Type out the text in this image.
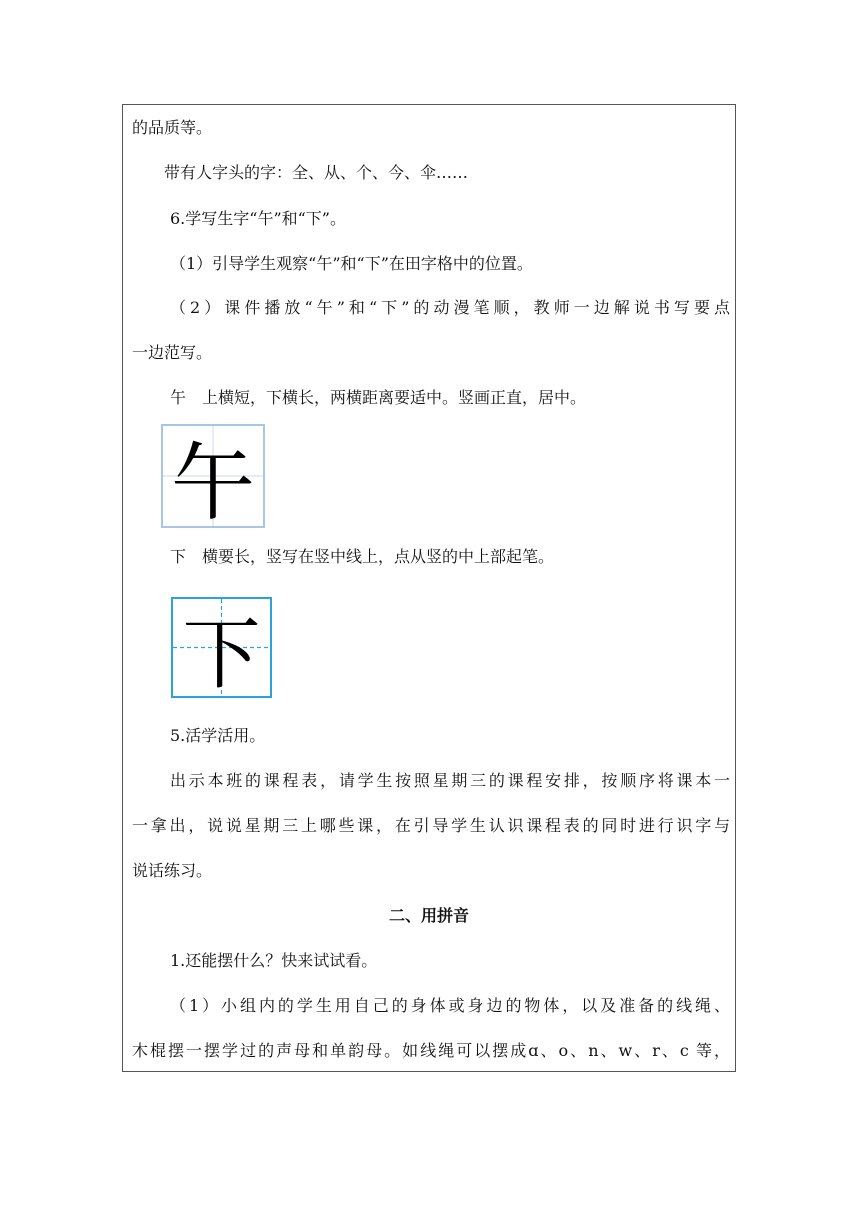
的品质等。
带有人字头的字：全、从、个、今、伞……
6.学写生字“午”和“下”。
（1）引导学生观察“午”和“下”在田字格中的位置。
（2）课件播放“午”和“下”的动漫笔顺，教师一边解说书写要点
一边范写。
午　上横短，下横长，两横距离要适中。竖画正直，居中。
午
下　横要长，竖写在竖中线上，点从竖的中上部起笔。
下
5.活学活用。
出示本班的课程表，请学生按照星期三的课程安排，按顺序将课本一
一拿出，说说星期三上哪些课，在引导学生认识课程表的同时进行识字与
说话练习。
二、用拼音
1.还能摆什么？快来试试看。
（1）小组内的学生用自己的身体或身边的物体，以及准备的线绳、
木棍摆一摆学过的声母和单韵母。如线绳可以摆成ɑ、o、n、w、r、c 等，
